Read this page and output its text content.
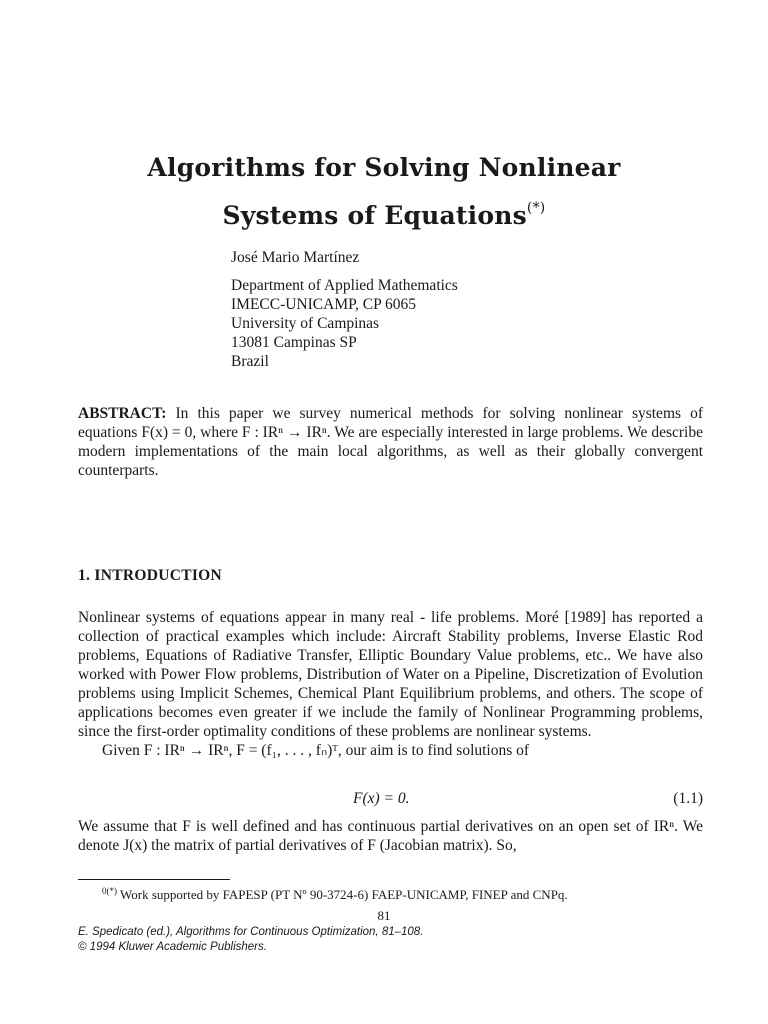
Algorithms for Solving Nonlinear
Systems of Equations(*)
José Mario Martínez
Department of Applied Mathematics
IMECC-UNICAMP, CP 6065
University of Campinas
13081 Campinas SP
Brazil
ABSTRACT: In this paper we survey numerical methods for solving nonlinear systems of equations F(x) = 0, where F : IRⁿ → IRⁿ. We are especially interested in large problems. We describe modern implementations of the main local algorithms, as well as their globally convergent counterparts.
1. INTRODUCTION
Nonlinear systems of equations appear in many real - life problems. Moré [1989] has reported a collection of practical examples which include: Aircraft Stability problems, Inverse Elastic Rod problems, Equations of Radiative Transfer, Elliptic Boundary Value problems, etc.. We have also worked with Power Flow problems, Distribution of Water on a Pipeline, Discretization of Evolution problems using Implicit Schemes, Chemical Plant Equilibrium problems, and others. The scope of applications becomes even greater if we include the family of Nonlinear Programming problems, since the first-order optimality conditions of these problems are nonlinear systems.
Given F : IRⁿ → IRⁿ, F = (f₁, . . . , fₙ)ᵀ, our aim is to find solutions of
F(x) = 0.	(1.1)
We assume that F is well defined and has continuous partial derivatives on an open set of IRⁿ. We denote J(x) the matrix of partial derivatives of F (Jacobian matrix). So,
$^{0(*)}$ Work supported by FAPESP (PT Nº 90-3724-6) FAEP-UNICAMP, FINEP and CNPq.
81
E. Spedicato (ed.), Algorithms for Continuous Optimization, 81–108.
© 1994 Kluwer Academic Publishers.
